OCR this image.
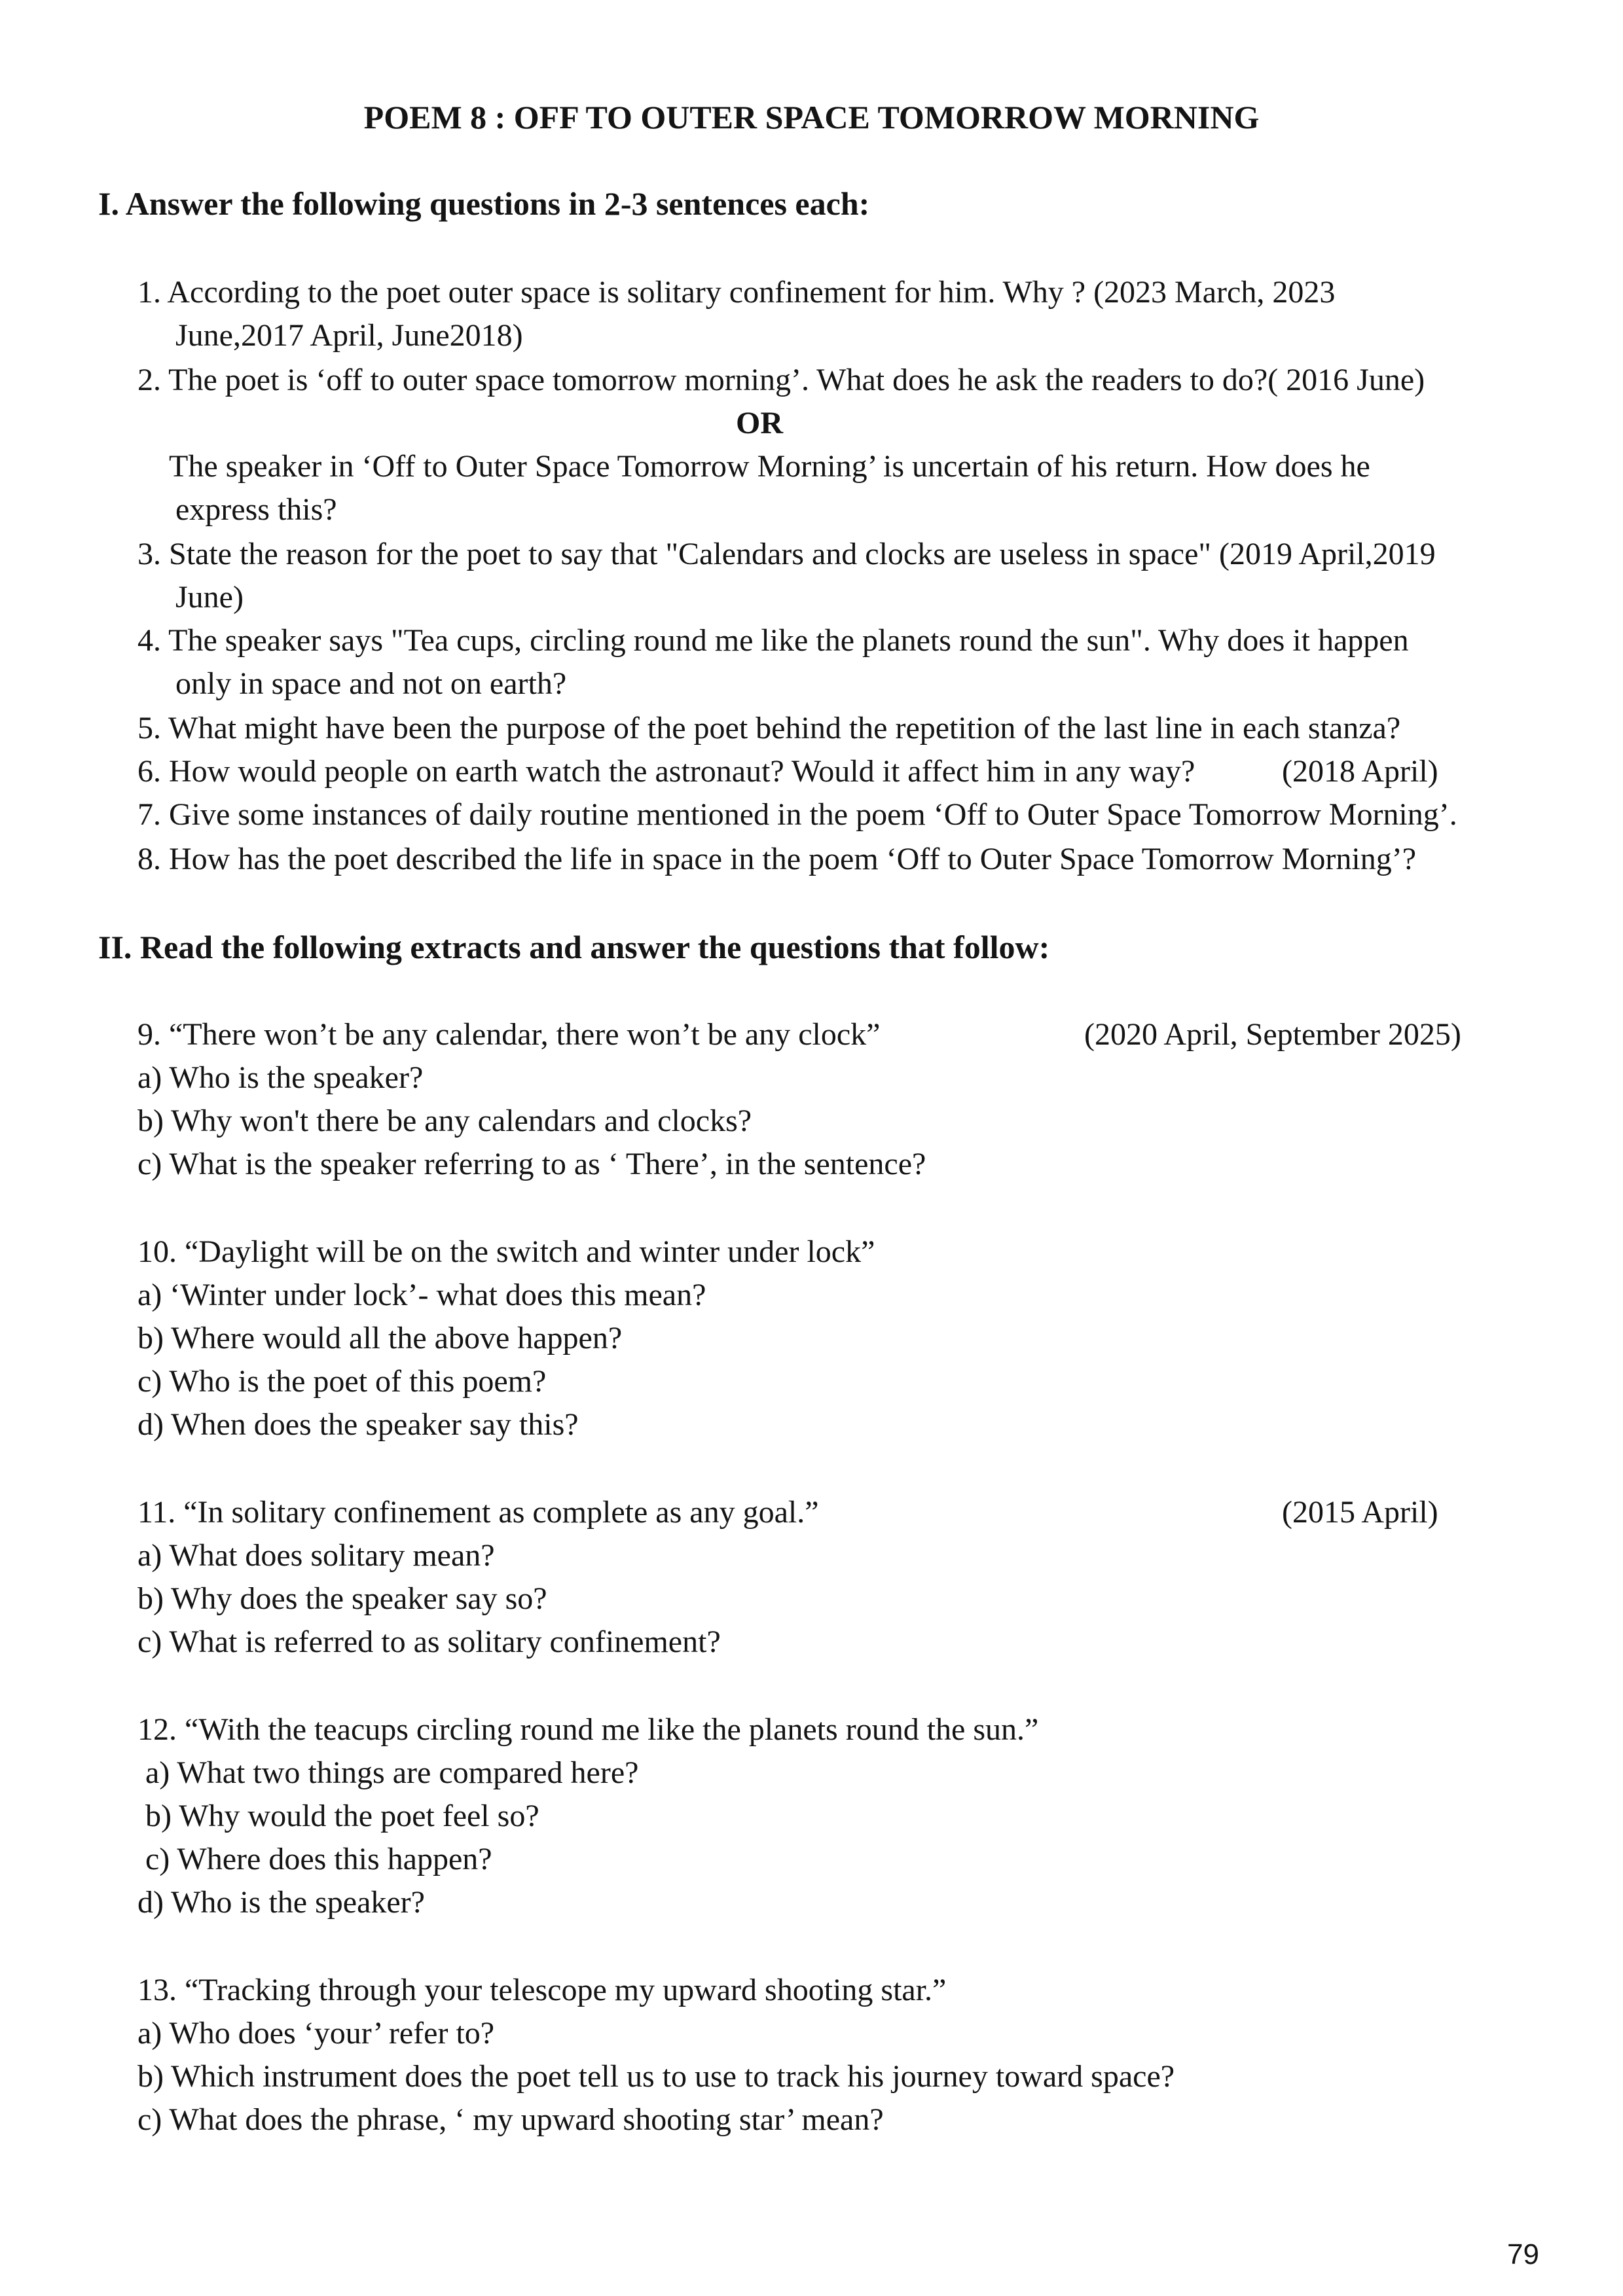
POEM 8 : OFF TO OUTER SPACE TOMORROW MORNING
I. Answer the following questions in 2-3 sentences each:
1. According to the poet outer space is solitary confinement for him. Why ? (2023 March, 2023
June,2017 April, June2018)
2. The poet is ‘off to outer space tomorrow morning’. What does he ask the readers to do?( 2016 June)
OR
The speaker in ‘Off to Outer Space Tomorrow Morning’ is uncertain of his return. How does he
express this?
3. State the reason for the poet to say that "Calendars and clocks are useless in space" (2019 April,2019
June)
4. The speaker says "Tea cups, circling round me like the planets round the sun". Why does it happen
only in space and not on earth?
5. What might have been the purpose of the poet behind the repetition of the last line in each stanza?
6. How would people on earth watch the astronaut? Would it affect him in any way?	(2018 April)
7. Give some instances of daily routine mentioned in the poem ‘Off to Outer Space Tomorrow Morning’.
8. How has the poet described the life in space in the poem ‘Off to Outer Space Tomorrow Morning’?
II. Read the following extracts and answer the questions that follow:
9. “There won’t be any calendar, there won’t be any clock”	(2020 April, September 2025)
a) Who is the speaker?
b) Why won't there be any calendars and clocks?
c) What is the speaker referring to as ‘ There’, in the sentence?
10. “Daylight will be on the switch and winter under lock”
a) ‘Winter under lock’- what does this mean?
b) Where would all the above happen?
c) Who is the poet of this poem?
d) When does the speaker say this?
11. “In solitary confinement as complete as any goal.”	(2015 April)
a) What does solitary mean?
b) Why does the speaker say so?
c) What is referred to as solitary confinement?
12. “With the teacups circling round me like the planets round the sun.”
a) What two things are compared here?
b) Why would the poet feel so?
c) Where does this happen?
d) Who is the speaker?
13. “Tracking through your telescope my upward shooting star.”
a) Who does ‘your’ refer to?
b) Which instrument does the poet tell us to use to track his journey toward space?
c) What does the phrase, ‘ my upward shooting star’ mean?
79
